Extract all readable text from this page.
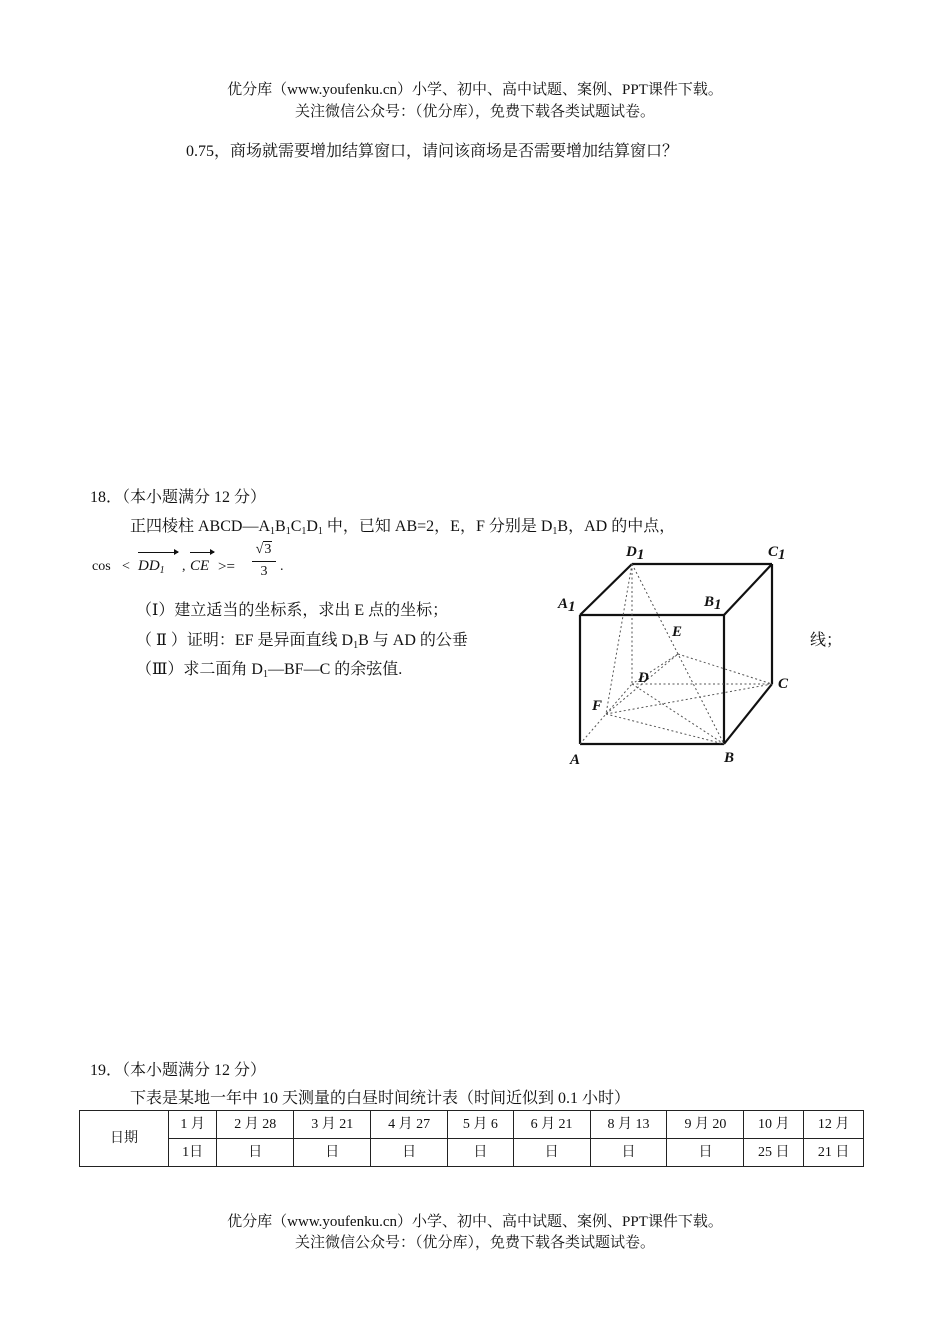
优分库（www.youfenku.cn）小学、初中、高中试题、案例、PPT课件下载。
关注微信公众号：（优分库），免费下载各类试题试卷。
0.75，商场就需要增加结算窗口，请问该商场是否需要增加结算窗口？
18．（本小题满分 12 分）
正四棱柱 $ABCD—A_1B_1C_1D_1$ 中，已知 AB=2，E，F 分别是 $D_1B$，AD 的中点，
$\cos < DD_1$ , CE >=
√3
3 .
（Ⅰ）建立适当的坐标系，求出 E 点的坐标；
（ Ⅱ ）证明：EF 是异面直线 $D_1B$ 与 AD 的公垂	线；
（Ⅲ）求二面角 $D_1—BF—C$ 的余弦值.
D1	C1
A1	B1
E
D	C
F
A	B
19．（本小题满分 12 分）
下表是某地一年中 10 天测量的白昼时间统计表（时间近似到 0.1 小时）
日期	1 月	2 月 28	3 月 21	4 月 27	5 月 6	6 月 21	8 月 13	9 月 20	10 月	12 月
	1日	日	日	日	日	日	日	日	25 日	21 日
优分库（www.youfenku.cn）小学、初中、高中试题、案例、PPT课件下载。
关注微信公众号：（优分库），免费下载各类试题试卷。
